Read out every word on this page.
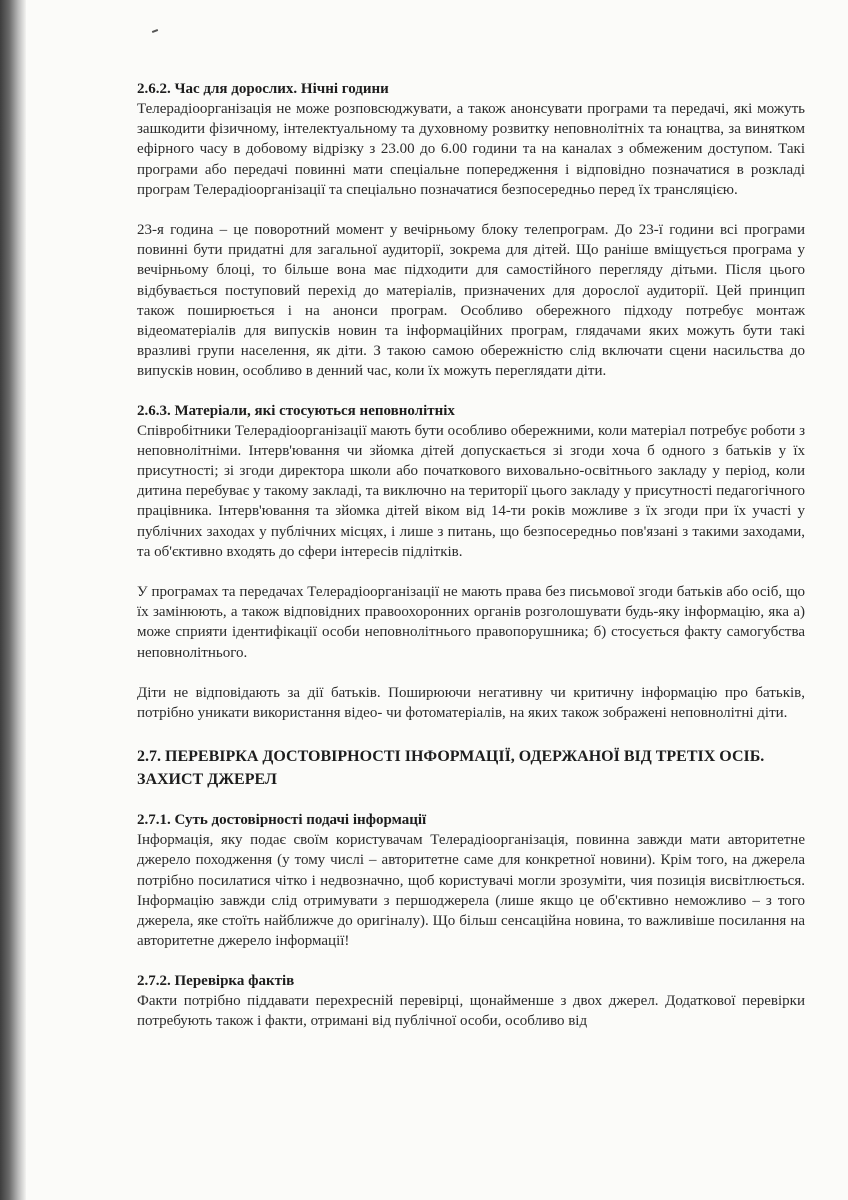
2.6.2. Час для дорослих. Нічні години

Телерадіоорганізація не може розповсюджувати, а також анонсувати програми та передачі, які можуть зашкодити фізичному, інтелектуальному та духовному розвитку неповнолітніх та юнацтва, за винятком ефірного часу в добовому відрізку з 23.00 до 6.00 години та на каналах з обмеженим доступом. Такі програми або передачі повинні мати спеціальне попередження і відповідно позначатися в розкладі програм Телерадіоорганізації та спеціально позначатися безпосередньо перед їх трансляцією.

23-я година – це поворотний момент у вечірньому блоку телепрограм. До 23-ї години всі програми повинні бути придатні для загальної аудиторії, зокрема для дітей. Що раніше вміщується програма у вечірньому блоці, то більше вона має підходити для самостійного перегляду дітьми. Після цього відбувається поступовий перехід до матеріалів, призначених для дорослої аудиторії. Цей принцип також поширюється і на анонси програм. Особливо обережного підходу потребує монтаж відеоматеріалів для випусків новин та інформаційних програм, глядачами яких можуть бути такі вразливі групи населення, як діти. З такою самою обережністю слід включати сцени насильства до випусків новин, особливо в денний час, коли їх можуть переглядати діти.

2.6.3. Матеріали, які стосуються неповнолітніх

Співробітники Телерадіоорганізації мають бути особливо обережними, коли матеріал потребує роботи з неповнолітніми. Інтерв'ювання чи зйомка дітей допускається зі згоди хоча б одного з батьків у їх присутності; зі згоди директора школи або початкового виховально-освітнього закладу у період, коли дитина перебуває у такому закладі, та виключно на території цього закладу у присутності педагогічного працівника. Інтерв'ювання та зйомка дітей віком від 14-ти років можливе з їх згоди при їх участі у публічних заходах у публічних місцях, і лише з питань, що безпосередньо пов'язані з такими заходами, та об'єктивно входять до сфери інтересів підлітків.

У програмах та передачах Телерадіоорганізації не мають права без письмової згоди батьків або осіб, що їх замінюють, а також відповідних правоохоронних органів розголошувати будь-яку інформацію, яка а) може сприяти ідентифікації особи неповнолітнього правопорушника; б) стосується факту самогубства неповнолітнього.

Діти не відповідають за дії батьків. Поширюючи негативну чи критичну інформацію про батьків, потрібно уникати використання відео- чи фотоматеріалів, на яких також зображені неповнолітні діти.

2.7. ПЕРЕВІРКА ДОСТОВІРНОСТІ ІНФОРМАЦІЇ, ОДЕРЖАНОЇ ВІД ТРЕТІХ ОСІБ. ЗАХИСТ ДЖЕРЕЛ
2.7.1. Суть достовірності подачі інформації

Інформація, яку подає своїм користувачам Телерадіоорганізація, повинна завжди мати авторитетне джерело походження (у тому числі – авторитетне саме для конкретної новини). Крім того, на джерела потрібно посилатися чітко і недвозначно, щоб користувачі могли зрозуміти, чия позиція висвітлюється. Інформацію завжди слід отримувати з першоджерела (лише якщо це об'єктивно неможливо – з того джерела, яке стоїть найближче до оригіналу). Що більш сенсаційна новина, то важливіше посилання на авторитетне джерело інформації!

2.7.2. Перевірка фактів

Факти потрібно піддавати перехресній перевірці, щонайменше з двох джерел. Додаткової перевірки потребують також і факти, отримані від публічної особи, особливо від
